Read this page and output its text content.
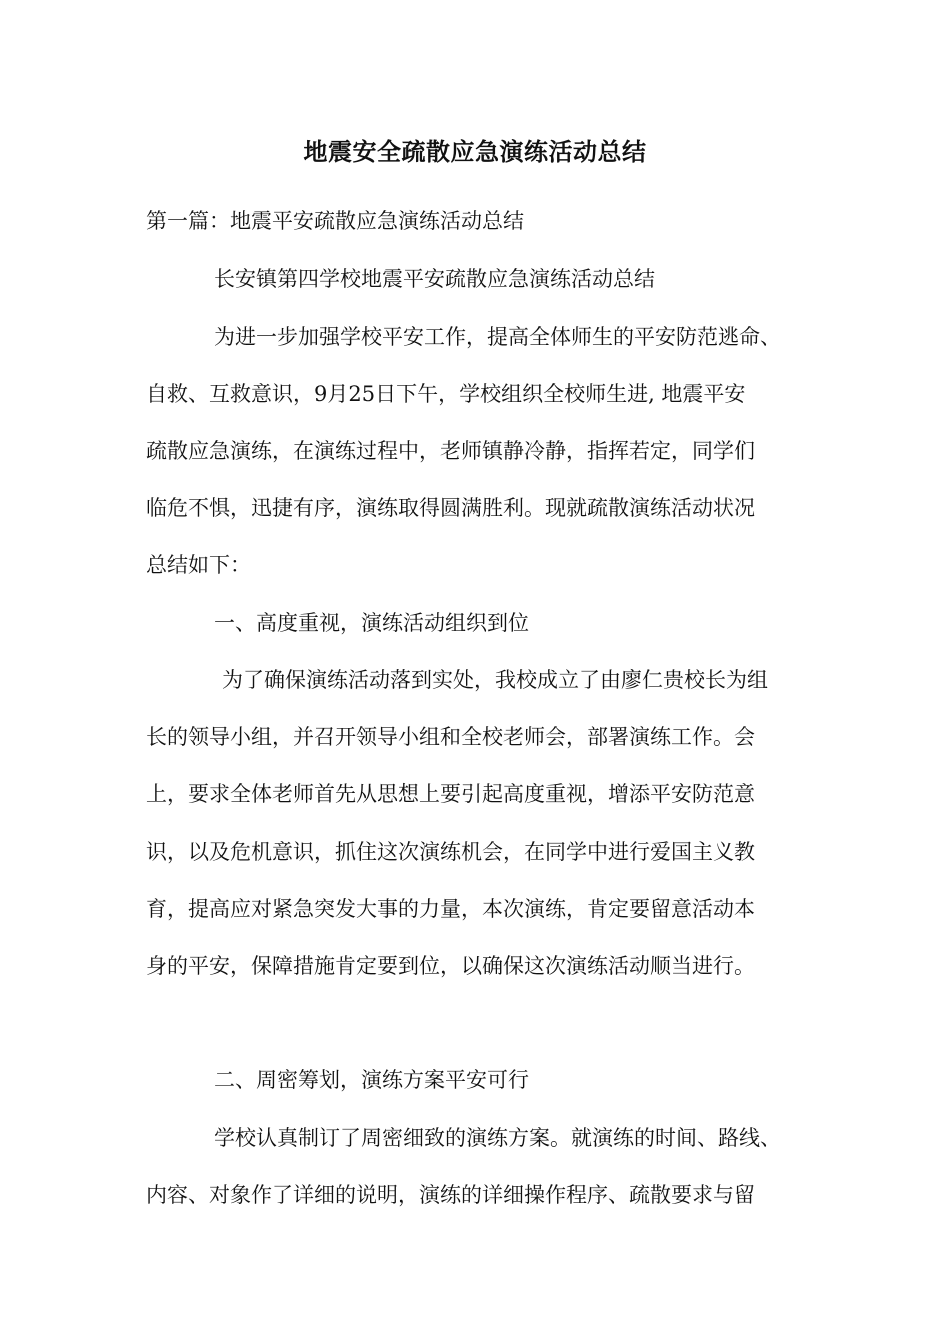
地震安全疏散应急演练活动总结
第一篇：地震平安疏散应急演练活动总结
长安镇第四学校地震平安疏散应急演练活动总结
为进一步加强学校平安工作，提高全体师生的平安防范逃命、
自救、互救意识，9月25日下午，学校组织全校师生进, 地震平安
疏散应急演练，在演练过程中，老师镇静冷静，指挥若定，同学们
临危不惧，迅捷有序，演练取得圆满胜利。现就疏散演练活动状况
总结如下：
一、高度重视，演练活动组织到位
为了确保演练活动落到实处，我校成立了由廖仁贵校长为组
长的领导小组，并召开领导小组和全校老师会，部署演练工作。会
上，要求全体老师首先从思想上要引起高度重视，增添平安防范意
识，以及危机意识，抓住这次演练机会，在同学中进行爱国主义教
育，提高应对紧急突发大事的力量，本次演练，肯定要留意活动本
身的平安，保障措施肯定要到位，以确保这次演练活动顺当进行。
二、周密筹划，演练方案平安可行
学校认真制订了周密细致的演练方案。就演练的时间、路线、
内容、对象作了详细的说明，演练的详细操作程序、疏散要求与留
